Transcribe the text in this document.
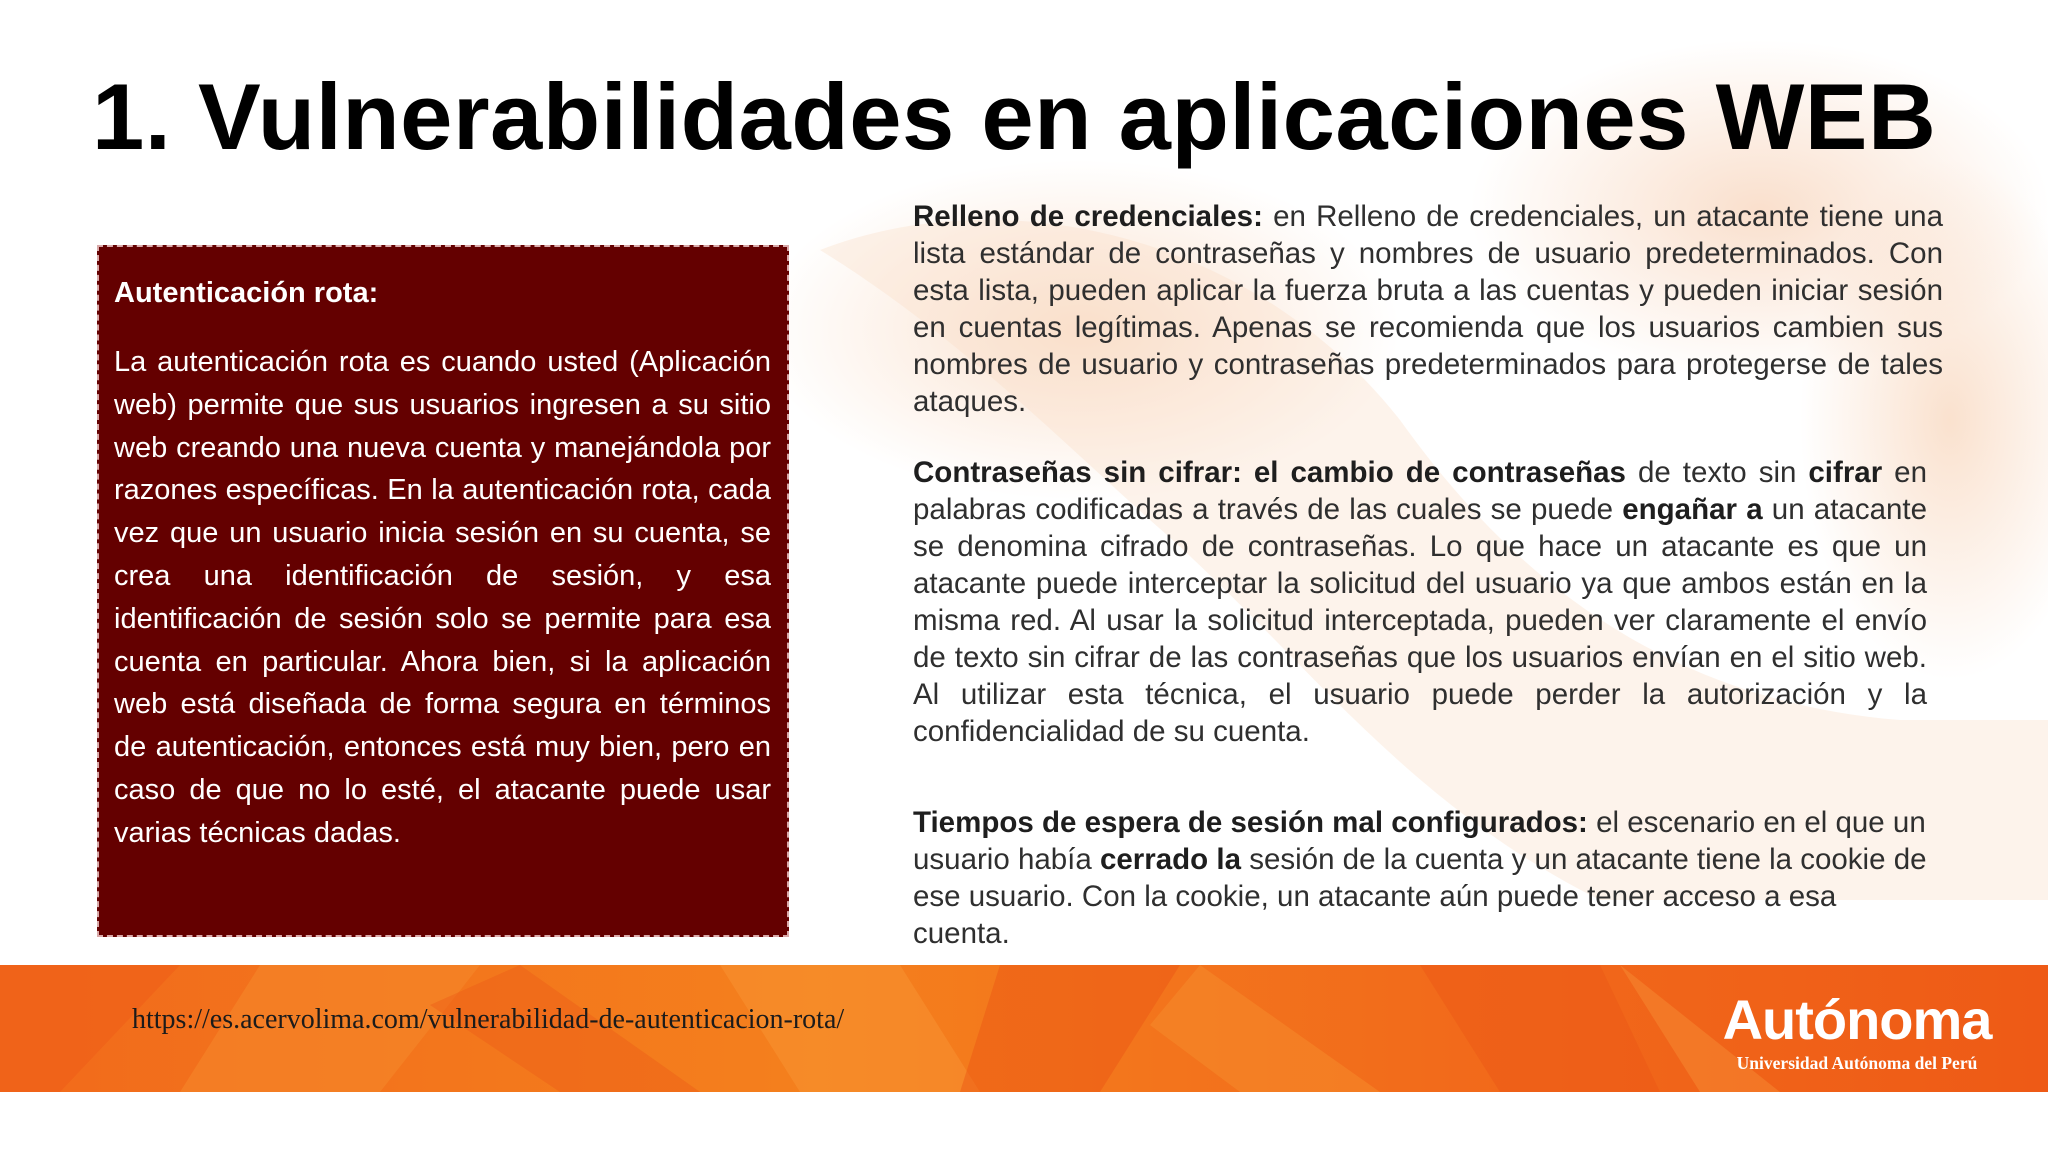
1. Vulnerabilidades en aplicaciones WEB
Autenticación rota:

La autenticación rota es cuando usted (Aplicación web) permite que sus usuarios ingresen a su sitio web creando una nueva cuenta y manejándola por razones específicas. En la autenticación rota, cada vez que un usuario inicia sesión en su cuenta, se crea una identificación de sesión, y esa identificación de sesión solo se permite para esa cuenta en particular. Ahora bien, si la aplicación web está diseñada de forma segura en términos de autenticación, entonces está muy bien, pero en caso de que no lo esté, el atacante puede usar varias técnicas dadas.

Relleno de credenciales: en Relleno de credenciales, un atacante tiene una lista estándar de contraseñas y nombres de usuario predeterminados. Con esta lista, pueden aplicar la fuerza bruta a las cuentas y pueden iniciar sesión en cuentas legítimas. Apenas se recomienda que los usuarios cambien sus nombres de usuario y contraseñas predeterminados para protegerse de tales ataques.

Contraseñas sin cifrar: el cambio de contraseñas de texto sin cifrar en palabras codificadas a través de las cuales se puede engañar a un atacante se denomina cifrado de contraseñas. Lo que hace un atacante es que un atacante puede interceptar la solicitud del usuario ya que ambos están en la misma red. Al usar la solicitud interceptada, pueden ver claramente el envío de texto sin cifrar de las contraseñas que los usuarios envían en el sitio web. Al utilizar esta técnica, el usuario puede perder la autorización y la confidencialidad de su cuenta.

Tiempos de espera de sesión mal configurados: el escenario en el que un usuario había cerrado la sesión de la cuenta y un atacante tiene la cookie de ese usuario. Con la cookie, un atacante aún puede tener acceso a esa cuenta.

https://es.acervolima.com/vulnerabilidad-de-autenticacion-rota/	Autónoma
Universidad Autónoma del Perú
